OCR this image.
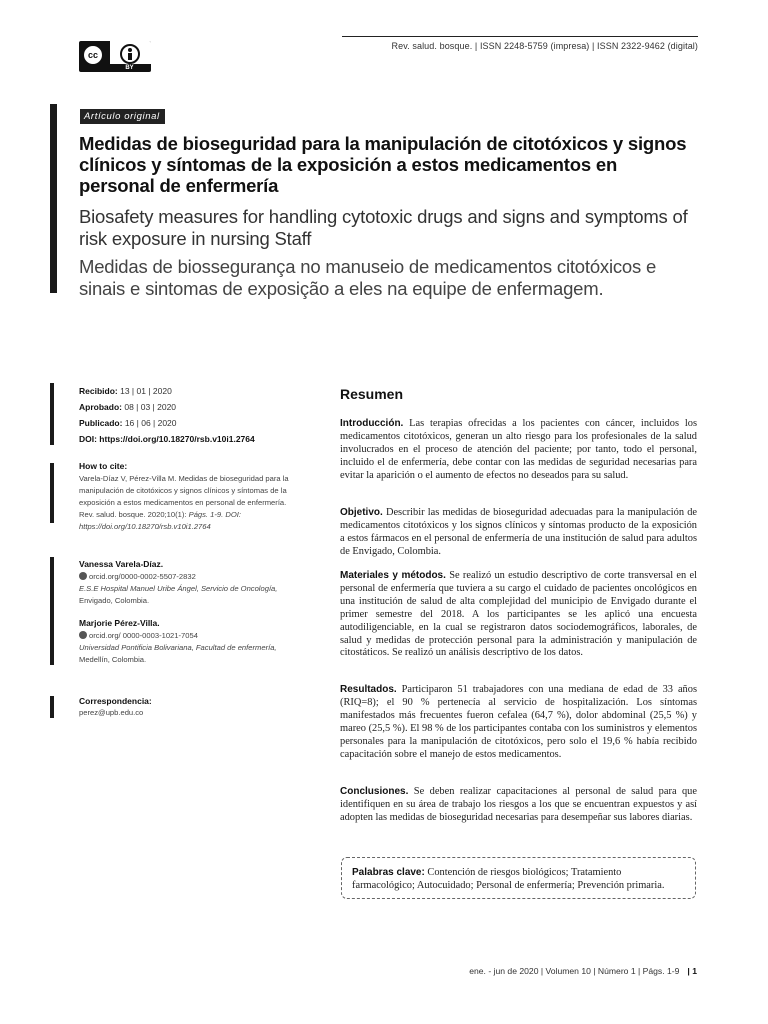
cc
BY
Rev. salud. bosque. | ISSN 2248-5759 (impresa) | ISSN 2322-9462 (digital)
Artículo original
Medidas de bioseguridad para la manipulación de citotóxicos y signos clínicos y síntomas de la exposición a estos medicamentos en personal de enfermería
Biosafety measures for handling cytotoxic drugs and signs and symptoms of risk exposure in nursing Staff
Medidas de biossegurança no manuseio de medicamentos citotóxicos e sinais e sintomas de exposição a eles na equipe de enfermagem.
Recibido: 13 | 01 | 2020
Aprobado: 08 | 03 | 2020
Publicado: 16 | 06 | 2020
DOI: https://doi.org/10.18270/rsb.v10i1.2764
How to cite:
Varela-Díaz V, Pérez-Villa M. Medidas de bioseguridad para la manipulación de citotóxicos y signos clínicos y síntomas de la exposición a estos medicamentos en personal de enfermería. Rev. salud. bosque. 2020;10(1): Págs. 1-9. DOI: https://doi.org/10.18270/rsb.v10i1.2764
Vanessa Varela-Díaz.
orcid.org/0000-0002-5507-2832
E.S.E Hospital Manuel Uribe Ángel, Servicio de Oncología,
Envigado, Colombia.
Marjorie Pérez-Villa.
orcid.org/ 0000-0003-1021-7054
Universidad Pontificia Bolivariana, Facultad de enfermería,
Medellín, Colombia.
Correspondencia:
perez@upb.edu.co
Resumen
Introducción. Las terapias ofrecidas a los pacientes con cáncer, incluidos los medicamentos citotóxicos, generan un alto riesgo para los profesionales de la salud involucrados en el proceso de atención del paciente; por tanto, todo el personal, incluido el de enfermería, debe contar con las medidas de seguridad necesarias para evitar la aparición o el aumento de efectos no deseados para su salud.
Objetivo. Describir las medidas de bioseguridad adecuadas para la manipulación de medicamentos citotóxicos y los signos clínicos y síntomas producto de la exposición a estos fármacos en el personal de enfermería de una institución de salud para adultos de Envigado, Colombia.
Materiales y métodos. Se realizó un estudio descriptivo de corte transversal en el personal de enfermería que tuviera a su cargo el cuidado de pacientes oncológicos en una institución de salud de alta complejidad del municipio de Envigado durante el primer semestre del 2018. A los participantes se les aplicó una encuesta autodiligenciable, en la cual se registraron datos sociodemográficos, laborales, de salud y medidas de protección personal para la administración y manipulación de citostáticos. Se realizó un análisis descriptivo de los datos.
Resultados. Participaron 51 trabajadores con una mediana de edad de 33 años (RIQ=8); el 90 % pertenecía al servicio de hospitalización. Los síntomas manifestados más frecuentes fueron cefalea (64,7 %), dolor abdominal (25,5 %) y mareo (25,5 %). El 98 % de los participantes contaba con los suministros y elementos personales para la manipulación de citotóxicos, pero solo el 19,6 % había recibido capacitación sobre el manejo de estos medicamentos.
Conclusiones. Se deben realizar capacitaciones al personal de salud para que identifiquen en su área de trabajo los riesgos a los que se encuentran expuestos y así adopten las medidas de bioseguridad necesarias para desempeñar sus labores diarias.
Palabras clave: Contención de riesgos biológicos; Tratamiento farmacológico; Autocuidado; Personal de enfermería; Prevención primaria.
ene. - jun de 2020 | Volumen 10 | Número 1 | Págs. 1-9 | 1
